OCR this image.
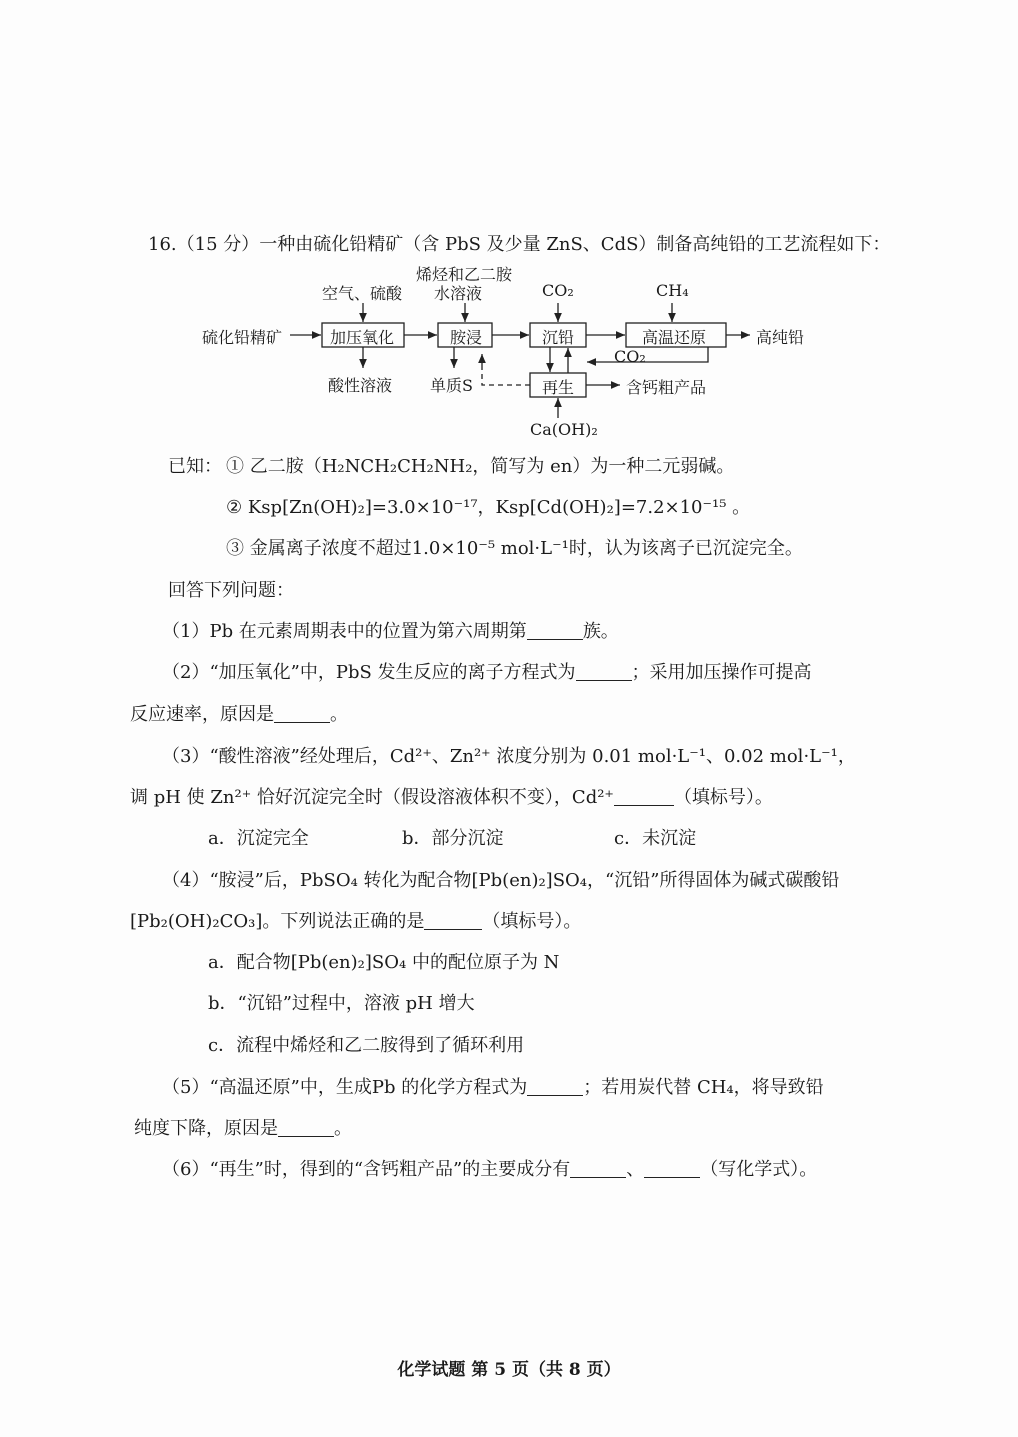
16.（15 分）一种由硫化铅精矿（含 PbS 及少量 ZnS、CdS）制备高纯铅的工艺流程如下：
硫化铅精矿	加压氧化	胺浸	沉铅	高温还原
再生
空气、硫酸
烯烃和乙二胺
水溶液	CO₂	CH₄
酸性溶液 单质S
高纯铅
CO₂
含钙粗产品
Ca(OH)₂
已知： ① 乙二胺（H₂NCH₂CH₂NH₂，简写为 en）为一种二元弱碱。
② Ksp[Zn(OH)₂]=3.0×10⁻¹⁷，Ksp[Cd(OH)₂]=7.2×10⁻¹⁵ 。
③ 金属离子浓度不超过1.0×10⁻⁵ mol·L⁻¹时，认为该离子已沉淀完全。
回答下列问题：
（1）Pb 在元素周期表中的位置为第六周期第	族。
（2）“加压氧化”中，PbS 发生反应的离子方程式为	；采用加压操作可提高
反应速率，原因是	。
（3）“酸性溶液”经处理后，Cd²⁺、Zn²⁺ 浓度分别为 0.01 mol·L⁻¹、0.02 mol·L⁻¹，
调 pH 使 Zn²⁺ 恰好沉淀完全时（假设溶液体积不变），Cd²⁺	（填标号）。
a．沉淀完全	b．部分沉淀	c．未沉淀
（4）“胺浸”后，PbSO₄ 转化为配合物[Pb(en)₂]SO₄，“沉铅”所得固体为碱式碳酸铅
[Pb₂(OH)₂CO₃]。下列说法正确的是	（填标号）。
a．配合物[Pb(en)₂]SO₄ 中的配位原子为 N
b．“沉铅”过程中，溶液 pH 增大
c．流程中烯烃和乙二胺得到了循环利用
（5）“高温还原”中，生成Pb 的化学方程式为	；若用炭代替 CH₄，将导致铅
纯度下降，原因是	。
（6）“再生”时，得到的“含钙粗产品”的主要成分有	、	（写化学式）。
化学试题 第 5 页（共 8 页）
